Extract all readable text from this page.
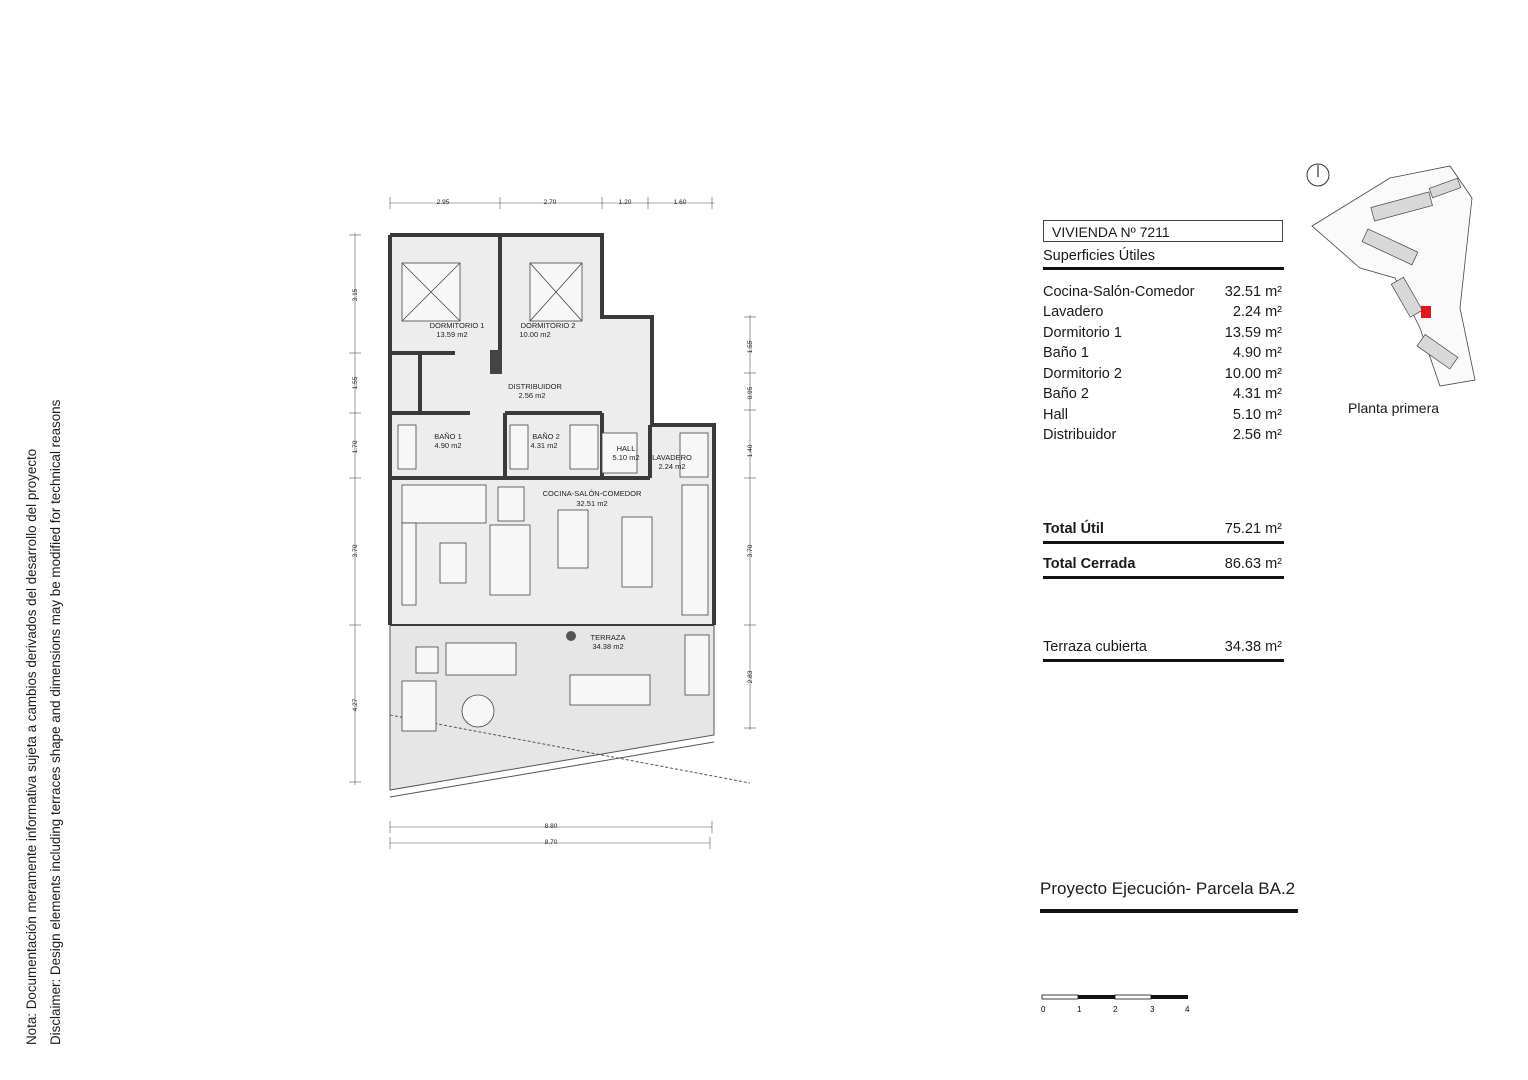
Nota: Documentación meramente informativa sujeta a cambios derivados del desarrollo del proyecto Disclaimer: Design elements including terraces shape and dimensions may be modified for technical reasons
2.95	2.70	1.20	1.60
3.15
1.55
1.70
3.70
4.27
1.55
0.95
1.40
3.70
2.83
8.80
8.70
DORMITORIO 1
13.59 m2
DORMITORIO 2
10.00 m2
DISTRIBUIDOR
2.56 m2
BAÑO 1
4.90 m2
BAÑO 2
4.31 m2	HALL
5.10 m2 LAVADERO
2.24 m2
COCINA-SALÓN-COMEDOR
32.51 m2
TERRAZA
34.38 m2
VIVIENDA Nº 7211
Superficies Útiles
Cocina-Salón-Comedor 32.51 m²
Lavadero	2.24 m²
Dormitorio 1	13.59 m²
Baño 1	4.90 m²
Dormitorio 2	10.00 m²
Baño 2	4.31 m²
Hall	5.10 m²
Distribuidor	2.56 m²
Total Útil	75.21 m²
Total Cerrada	86.63 m²
Terraza cubierta	34.38 m²
Planta primera
Proyecto Ejecución- Parcela BA.2
0	1	2	3	4
